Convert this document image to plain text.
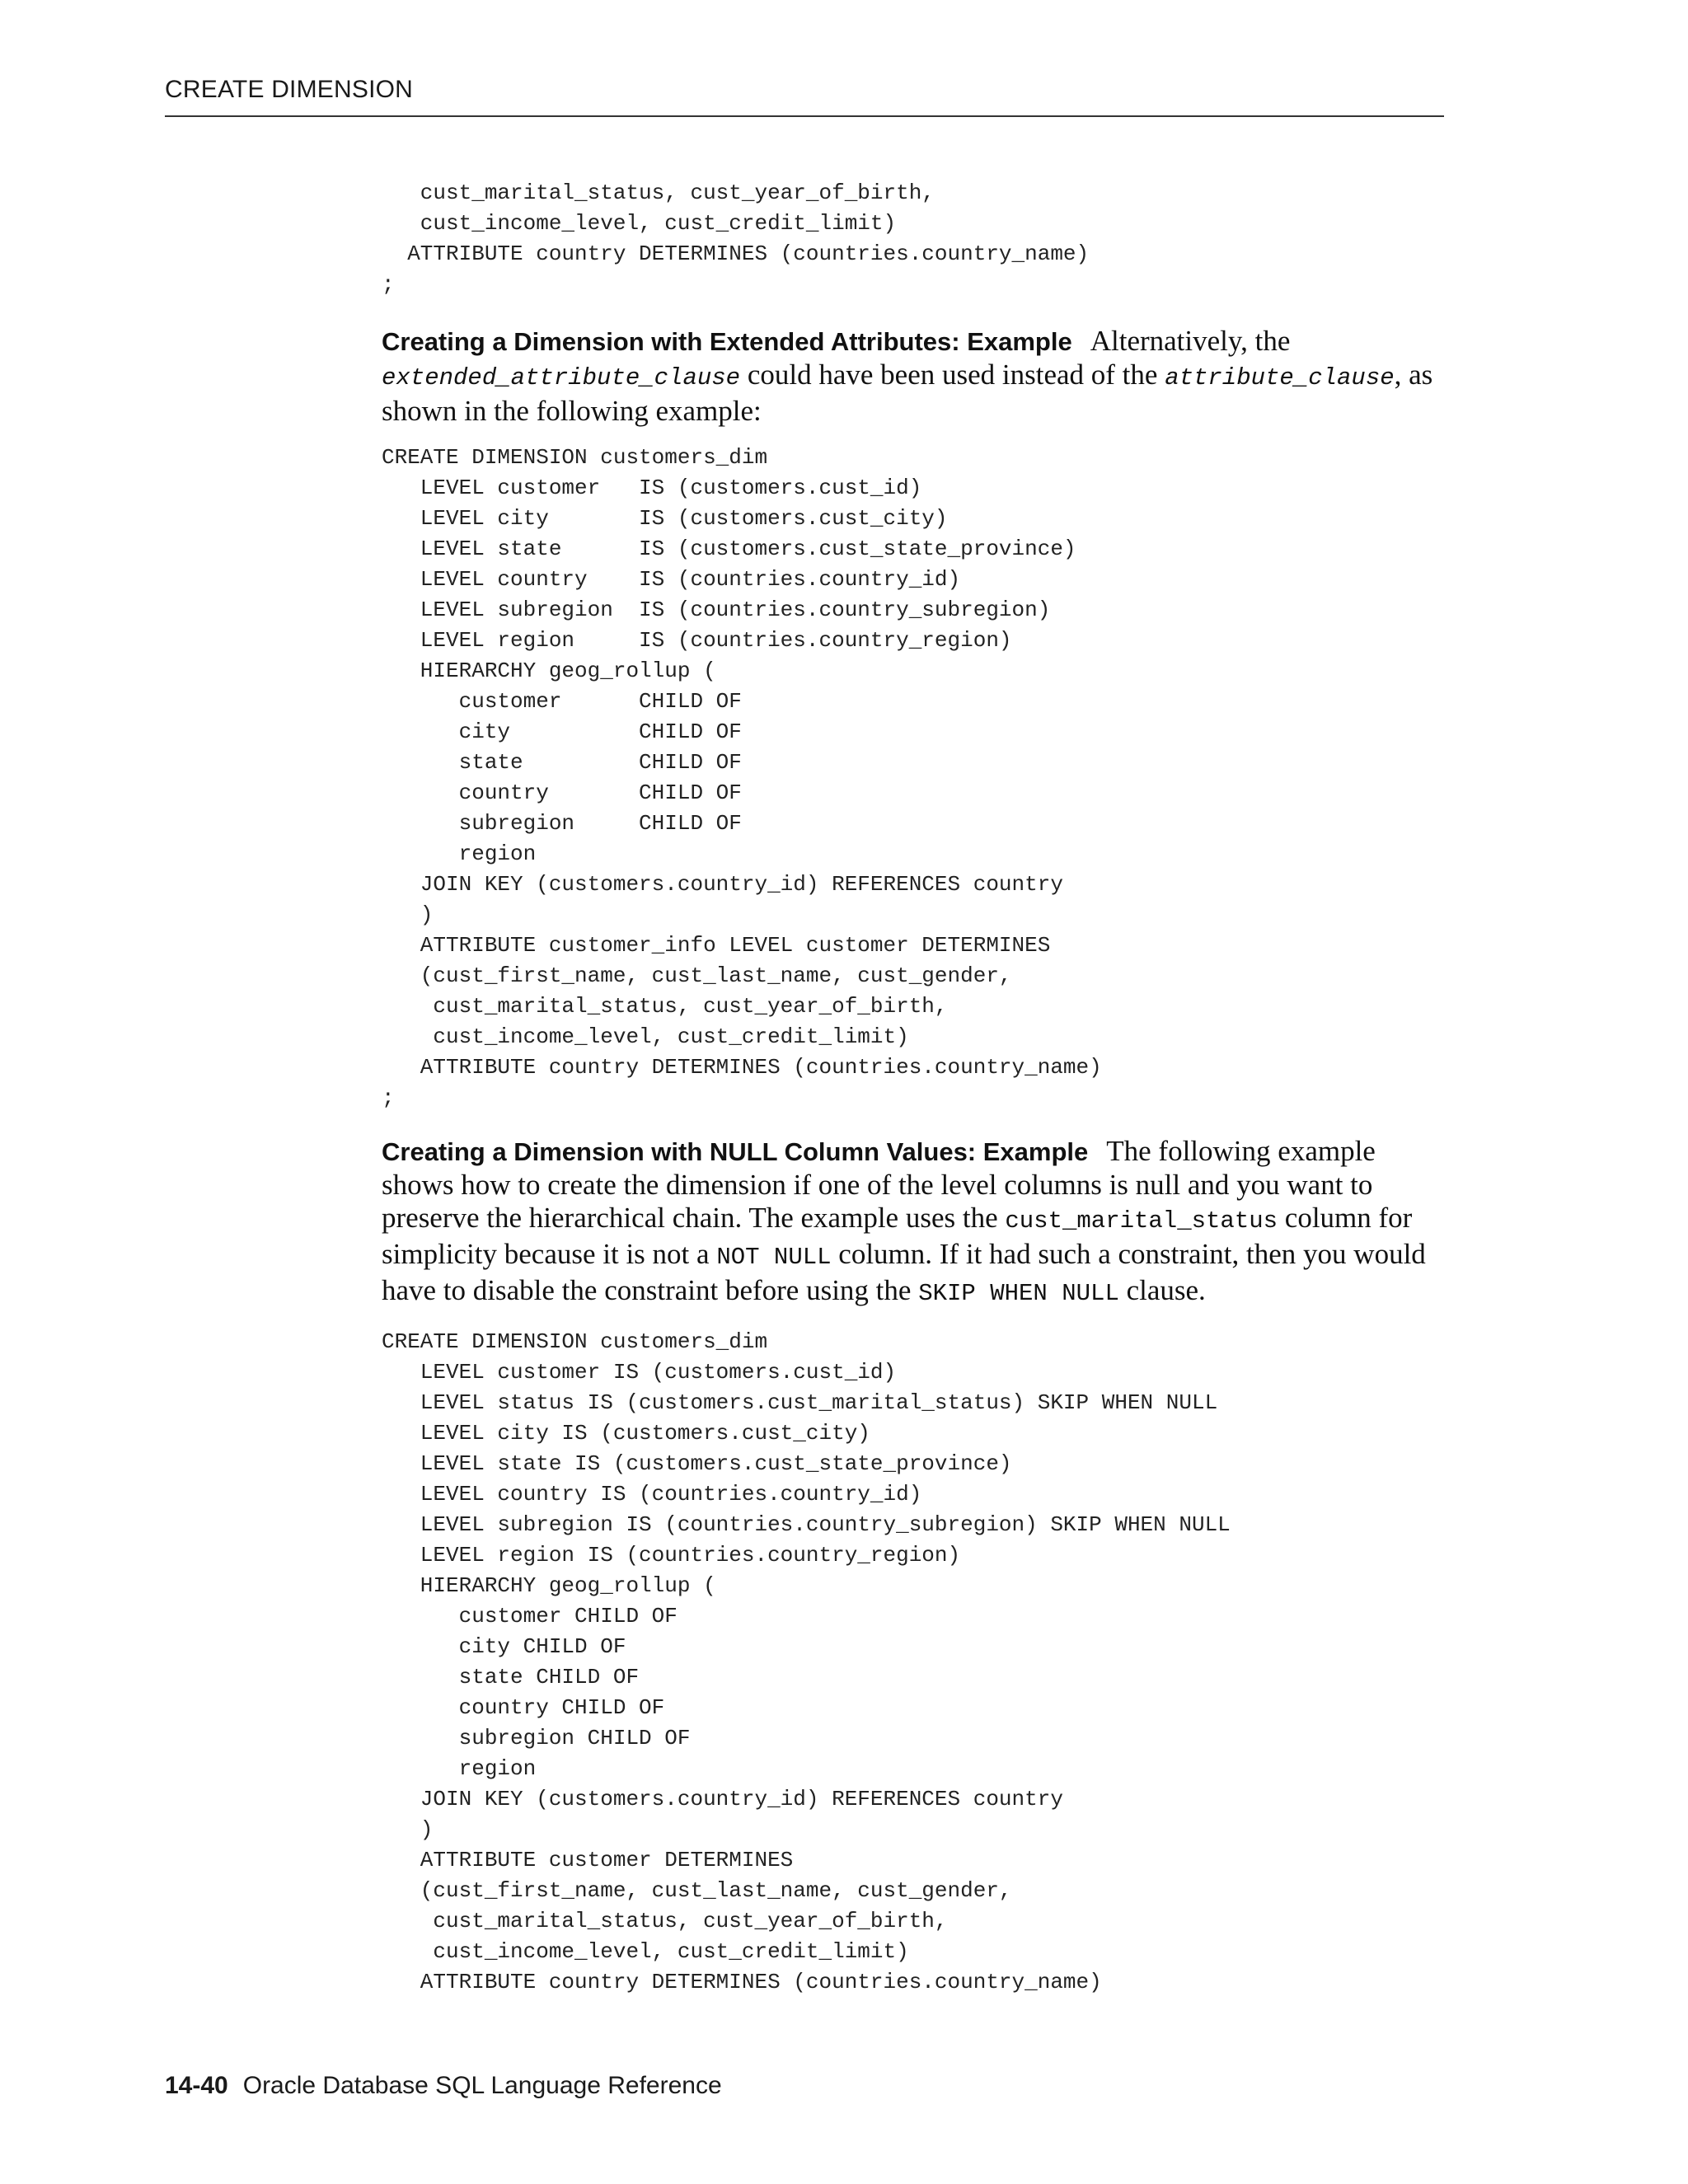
CREATE DIMENSION
cust_marital_status, cust_year_of_birth,
cust_income_level, cust_credit_limit)
ATTRIBUTE country DETERMINES (countries.country_name)
;

Creating a Dimension with Extended Attributes: Example Alternatively, the
extended_attribute_clause could have been used instead of the attribute_clause, as shown in the following example:

CREATE DIMENSION customers_dim
LEVEL customer   IS (customers.cust_id)
LEVEL city       IS (customers.cust_city)
LEVEL state      IS (customers.cust_state_province)
LEVEL country    IS (countries.country_id)
LEVEL subregion  IS (countries.country_subregion)
LEVEL region     IS (countries.country_region)
HIERARCHY geog_rollup (
customer      CHILD OF
city          CHILD OF
state         CHILD OF
country       CHILD OF
subregion     CHILD OF
region
JOIN KEY (customers.country_id) REFERENCES country
)
ATTRIBUTE customer_info LEVEL customer DETERMINES
(cust_first_name, cust_last_name, cust_gender,
cust_marital_status, cust_year_of_birth,
cust_income_level, cust_credit_limit)
ATTRIBUTE country DETERMINES (countries.country_name)
;

Creating a Dimension with NULL Column Values: Example The following example shows how to create the dimension if one of the level columns is null and you want to preserve the hierarchical chain. The example uses the cust_marital_status column for simplicity because it is not a NOT NULL column. If it had such a constraint, then you would have to disable the constraint before using the SKIP WHEN NULL clause.

CREATE DIMENSION customers_dim
LEVEL customer IS (customers.cust_id)
LEVEL status IS (customers.cust_marital_status) SKIP WHEN NULL
LEVEL city IS (customers.cust_city)
LEVEL state IS (customers.cust_state_province)
LEVEL country IS (countries.country_id)
LEVEL subregion IS (countries.country_subregion) SKIP WHEN NULL
LEVEL region IS (countries.country_region)
HIERARCHY geog_rollup (
customer CHILD OF
city CHILD OF
state CHILD OF
country CHILD OF
subregion CHILD OF
region
JOIN KEY (customers.country_id) REFERENCES country
)
ATTRIBUTE customer DETERMINES
(cust_first_name, cust_last_name, cust_gender,
cust_marital_status, cust_year_of_birth,
cust_income_level, cust_credit_limit)
ATTRIBUTE country DETERMINES (countries.country_name)
14-40 Oracle Database SQL Language Reference
